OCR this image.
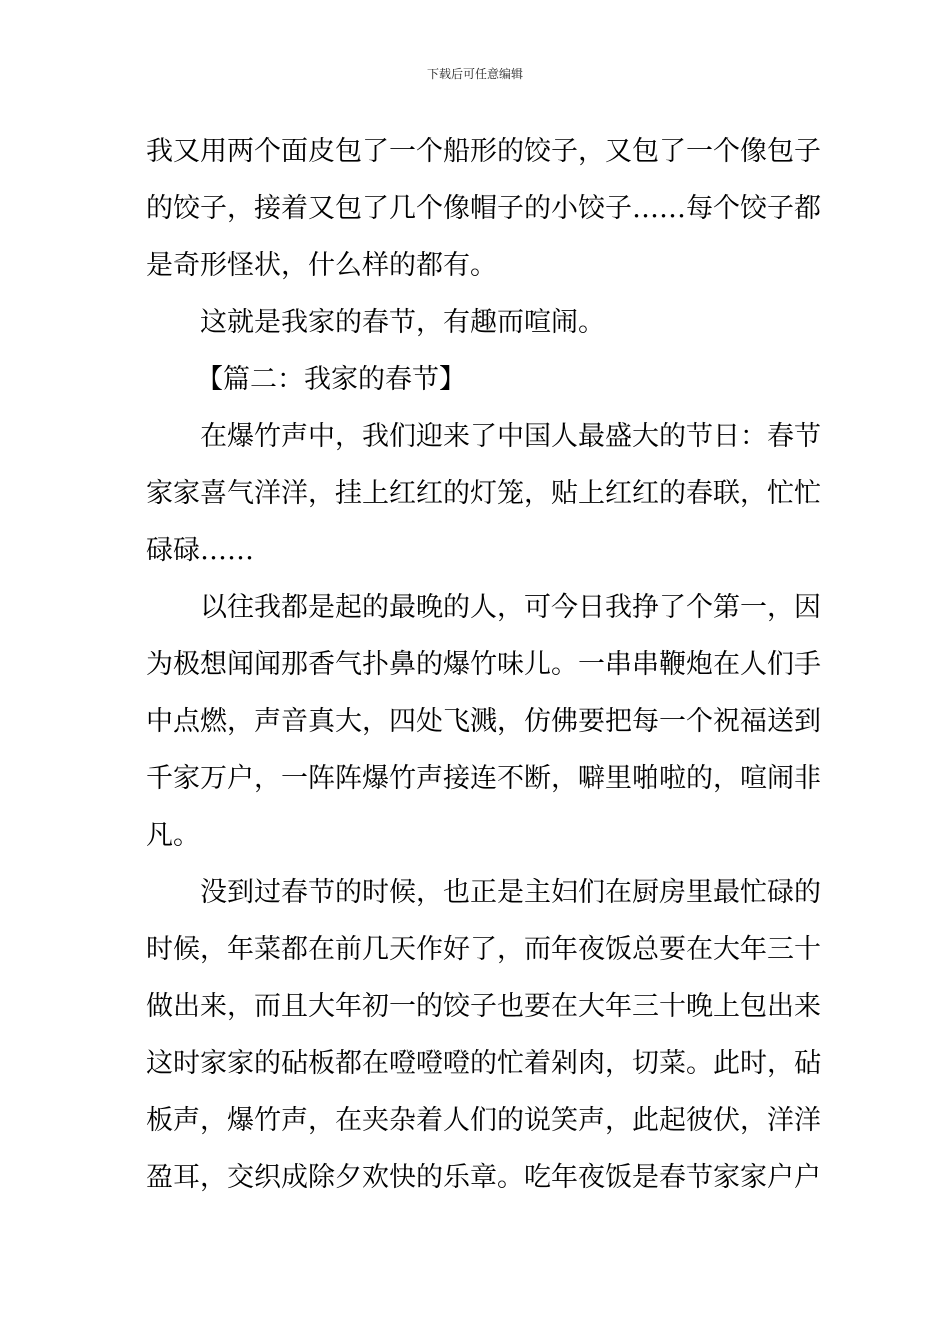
下载后可任意编辑
我又用两个面皮包了一个船形的饺子，又包了一个像包子
的饺子，接着又包了几个像帽子的小饺子……每个饺子都
是奇形怪状，什么样的都有。
这就是我家的春节，有趣而喧闹。
【篇二：我家的春节】
在爆竹声中，我们迎来了中国人最盛大的节日：春节
家家喜气洋洋，挂上红红的灯笼，贴上红红的春联，忙忙
碌碌……
以往我都是起的最晚的人，可今日我挣了个第一，因
为极想闻闻那香气扑鼻的爆竹味儿。一串串鞭炮在人们手
中点燃，声音真大，四处飞溅，仿佛要把每一个祝福送到
千家万户，一阵阵爆竹声接连不断，噼里啪啦的，喧闹非
凡。
没到过春节的时候，也正是主妇们在厨房里最忙碌的
时候，年菜都在前几天作好了，而年夜饭总要在大年三十
做出来，而且大年初一的饺子也要在大年三十晚上包出来
这时家家的砧板都在噔噔噔的忙着剁肉，切菜。此时，砧
板声，爆竹声，在夹杂着人们的说笑声，此起彼伏，洋洋
盈耳，交织成除夕欢快的乐章。吃年夜饭是春节家家户户
